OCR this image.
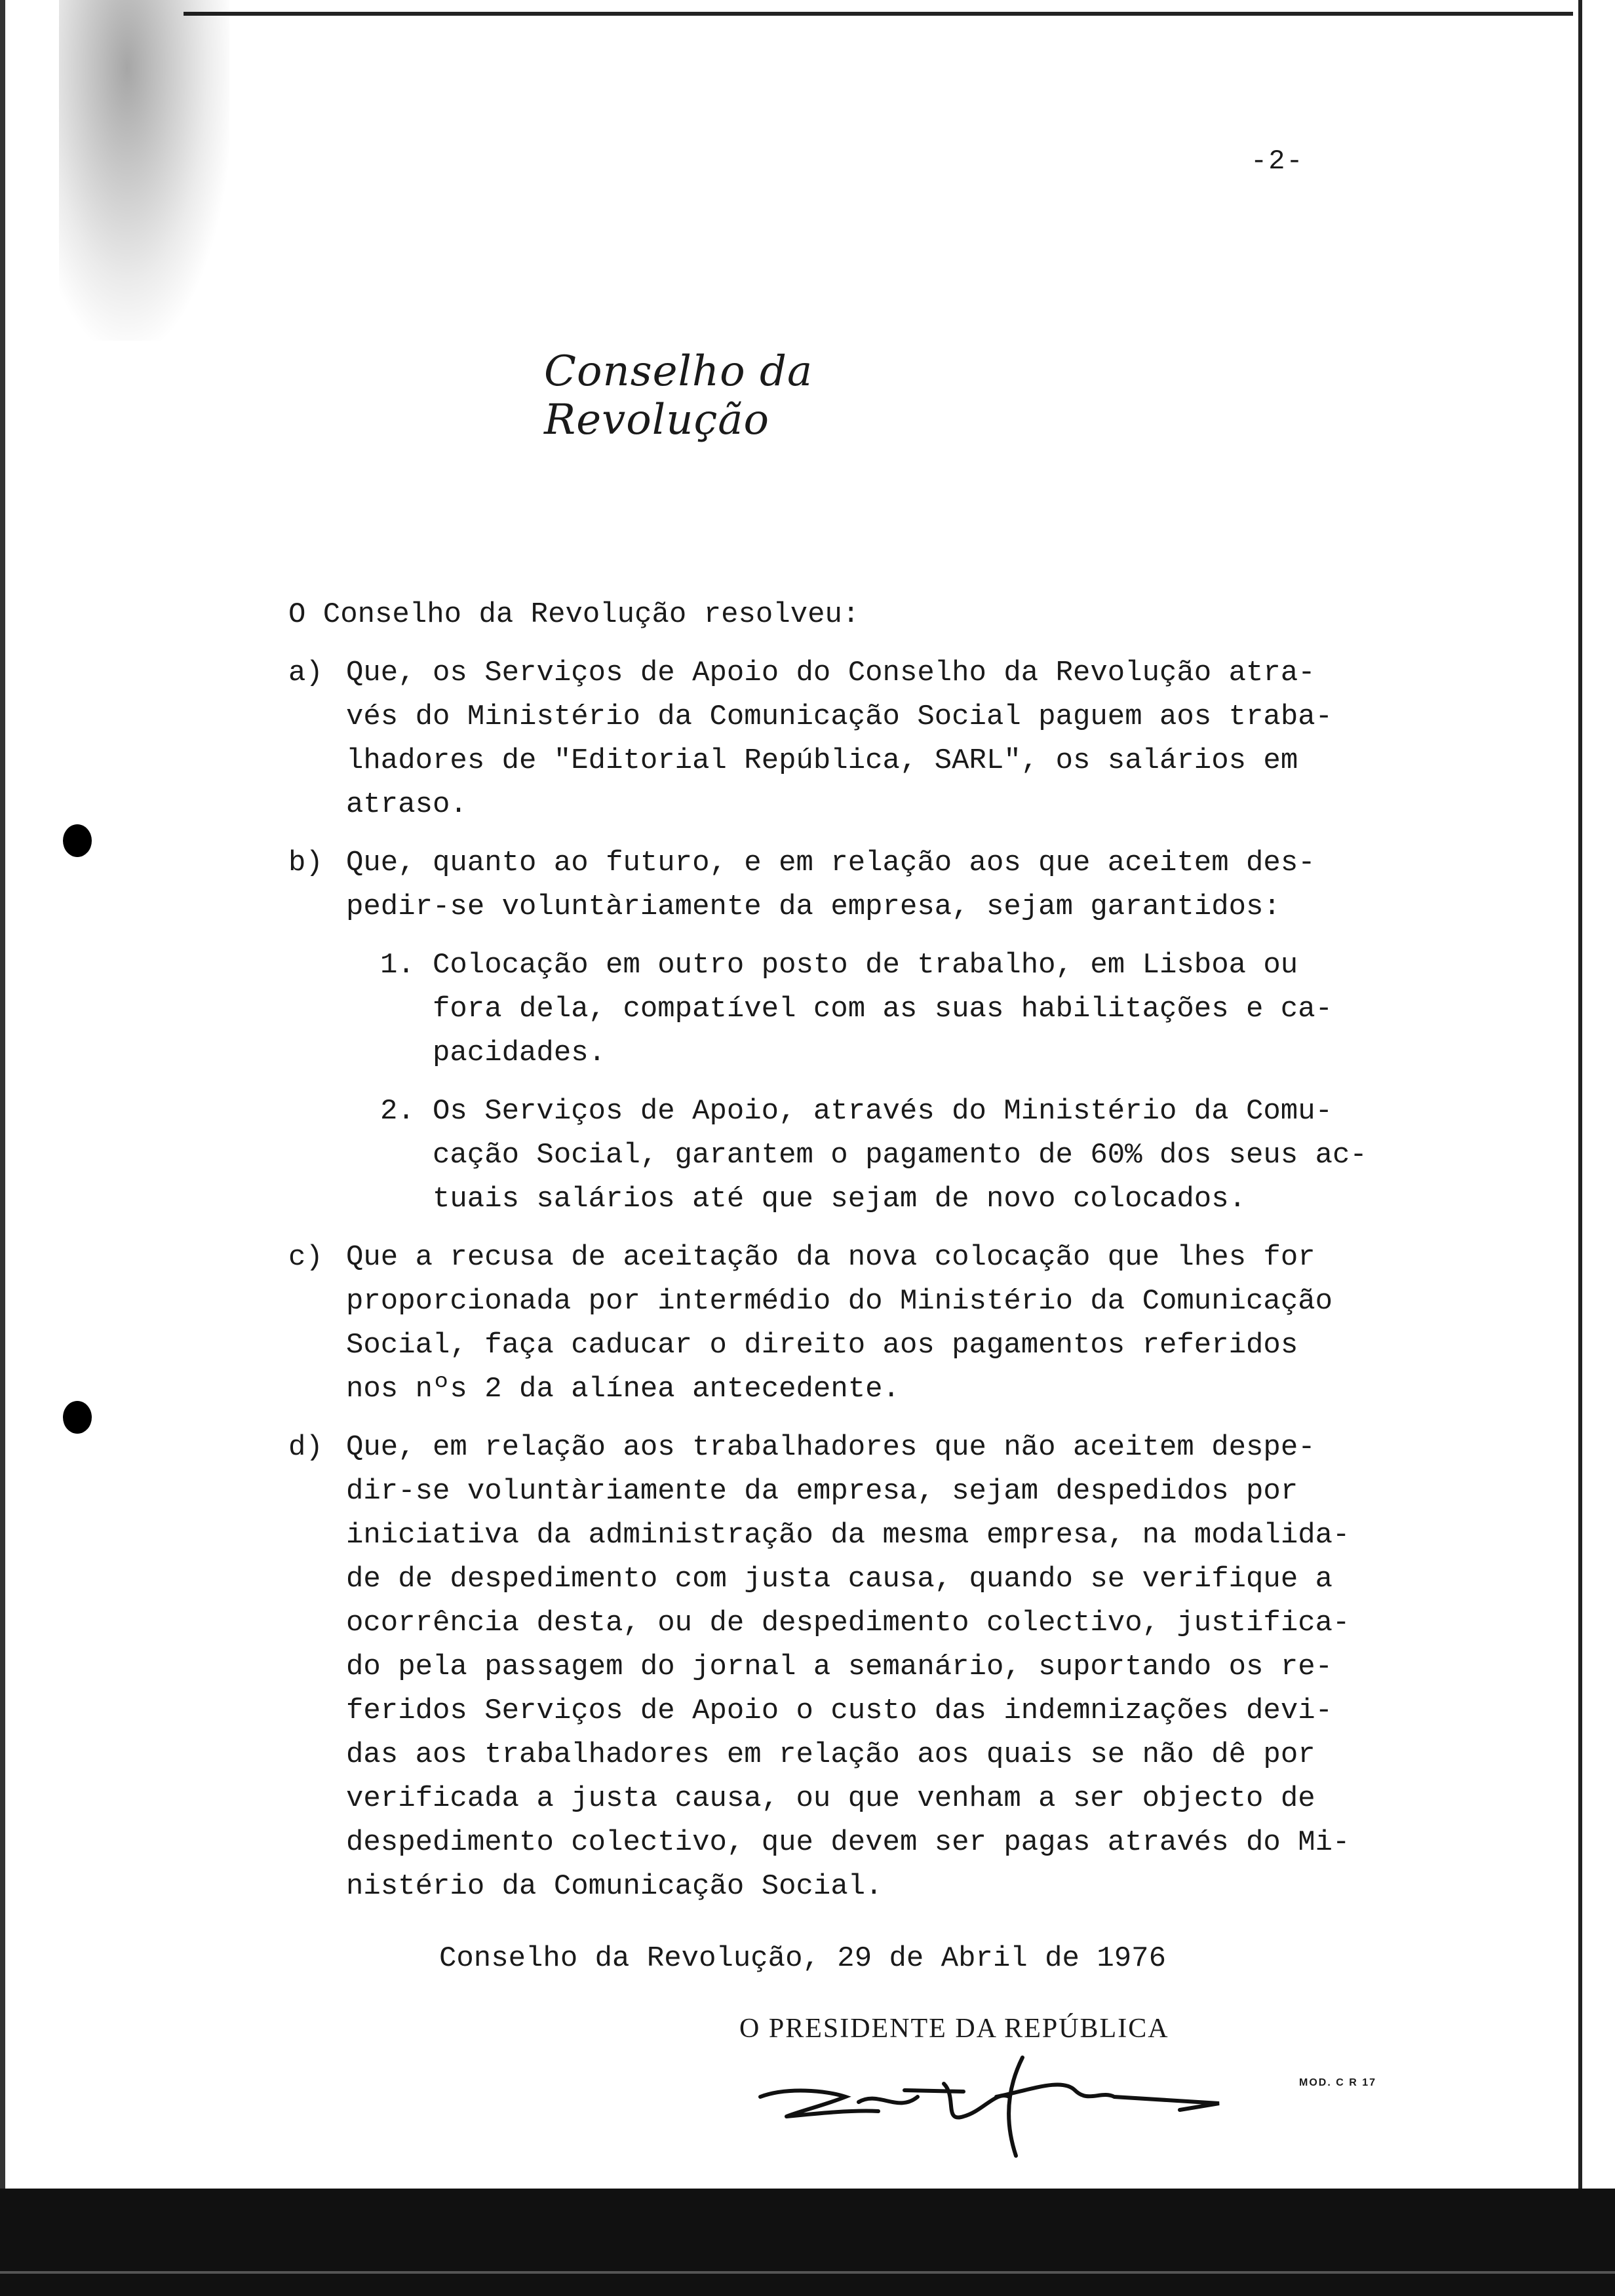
-2-
Conselho da Revolução
O Conselho da Revolução resolveu:
a) Que, os Serviços de Apoio do Conselho da Revolução atra-
vés do Ministério da Comunicação Social paguem aos traba-
lhadores de "Editorial República, SARL", os salários em
atraso.
b) Que, quanto ao futuro, e em relação aos que aceitem des-
pedir-se voluntàriamente da empresa, sejam garantidos:
1. Colocação em outro posto de trabalho, em Lisboa ou
fora dela, compatível com as suas habilitações e ca-
pacidades.
2. Os Serviços de Apoio, através do Ministério da Comu-
cação Social, garantem o pagamento de 60% dos seus ac-
tuais salários até que sejam de novo colocados.
c) Que a recusa de aceitação da nova colocação que lhes for
proporcionada por intermédio do Ministério da Comunicação
Social, faça caducar o direito aos pagamentos referidos
nos nºs 2 da alínea antecedente.
d) Que, em relação aos trabalhadores que não aceitem despe-
dir-se voluntàriamente da empresa, sejam despedidos por
iniciativa da administração da mesma empresa, na modalida-
de de despedimento com justa causa, quando se verifique a
ocorrência desta, ou de despedimento colectivo, justifica-
do pela passagem do jornal a semanário, suportando os re-
feridos Serviços de Apoio o custo das indemnizações devi-
das aos trabalhadores em relação aos quais se não dê por
verificada a justa causa, ou que venham a ser objecto de
despedimento colectivo, que devem ser pagas através do Mi-
nistério da Comunicação Social.
Conselho da Revolução, 29 de Abril de 1976
O PRESIDENTE DA REPÚBLICA
MOD. C R 17
